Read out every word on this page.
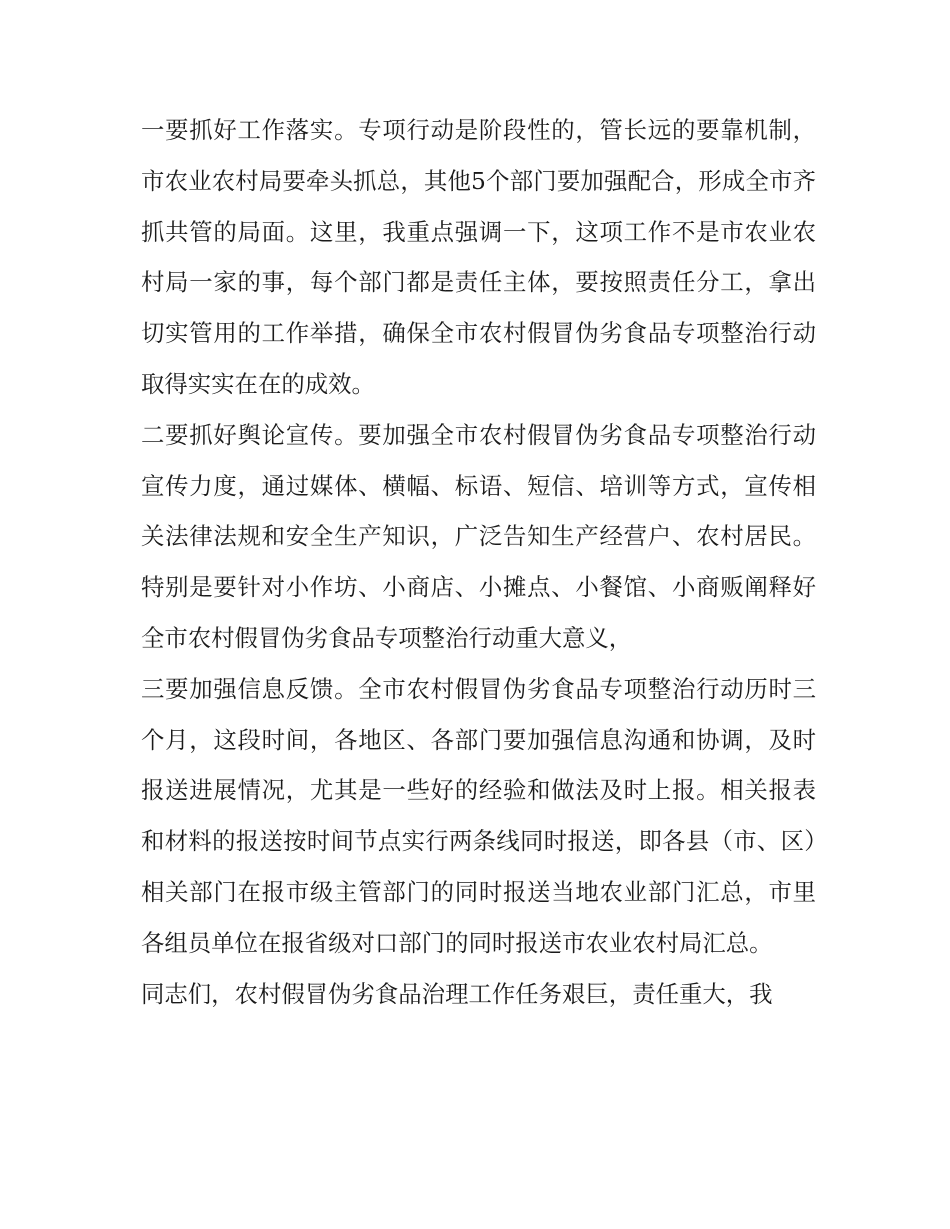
一要抓好工作落实。专项行动是阶段性的，管长远的要靠机制，市农业农村局要牵头抓总，其他5个部门要加强配合，形成全市齐抓共管的局面。这里，我重点强调一下，这项工作不是市农业农村局一家的事，每个部门都是责任主体，要按照责任分工，拿出切实管用的工作举措，确保全市农村假冒伪劣食品专项整治行动取得实实在在的成效。

二要抓好舆论宣传。要加强全市农村假冒伪劣食品专项整治行动宣传力度，通过媒体、横幅、标语、短信、培训等方式，宣传相关法律法规和安全生产知识，广泛告知生产经营户、农村居民。特别是要针对小作坊、小商店、小摊点、小餐馆、小商贩阐释好全市农村假冒伪劣食品专项整治行动重大意义，

三要加强信息反馈。全市农村假冒伪劣食品专项整治行动历时三个月，这段时间，各地区、各部门要加强信息沟通和协调，及时报送进展情况，尤其是一些好的经验和做法及时上报。相关报表和材料的报送按时间节点实行两条线同时报送，即各县（市、区）相关部门在报市级主管部门的同时报送当地农业部门汇总，市里各组员单位在报省级对口部门的同时报送市农业农村局汇总。

同志们，农村假冒伪劣食品治理工作任务艰巨，责任重大，我
